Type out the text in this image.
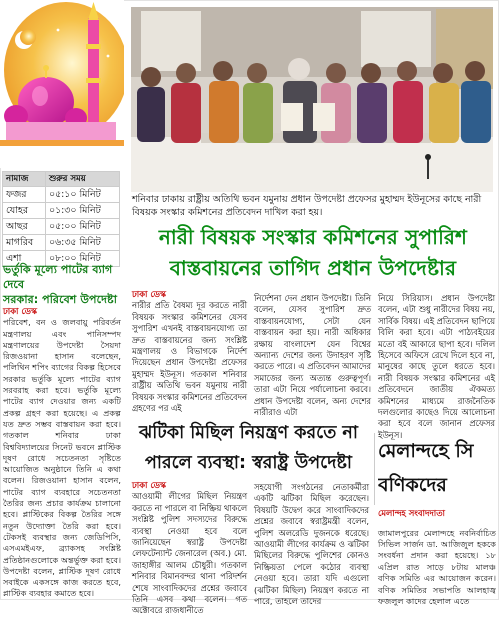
নামাজ	শুরুর সময়
ফজর	০৫:১০ মিনিট
যোহর	০১:৩০ মিনিট
আছর	০৫:০০ মিনিট
মাগরিব	০৬:৩৫ মিনিট
এশা	০৮:০০ মিনিট
ভর্তুকি মূল্যে পাটের ব্যাগ দেবে
সরকার: পরিবেশ উপদেষ্টা
ঢাকা ডেস্ক

পরিবেশ, বন ও জলবায়ু পরিবর্তন মন্ত্রণালয় এবং পানিসম্পদ মন্ত্রণালয়ের উপদেষ্টা সৈয়দা রিজওয়ানা হাসান বলেছেন, পলিথিন শপিং ব্যাগের বিকল্প হিসেবে সরকার ভর্তুকি মূল্যে পাটের ব্যাগ সরবরাহ করা হবে। ভর্তুকি মূল্যে পাটের ব্যাগ দেওয়ার জন্য একটি প্রকল্প গ্রহণ করা হয়েছে। এ প্রকল্প যত দ্রুত সম্ভব বাস্তবায়ন করা হবে। গতকাল শনিবার ঢাকা বিশ্ববিদ্যালয়ের সিনেট ভবনে প্লাস্টিক দূষণ রোধে সচেতনতা সৃষ্টিতে আয়োজিত অনুষ্ঠানে তিনি এ কথা বলেন। রিজওয়ানা হাসান বলেন, পাটের ব্যাগ ব্যবহারে সচেতনতা তৈরির জন্য প্রচার কার্যক্রম চালানো হবে। প্লাস্টিকের বিকল্প তৈরির সঙ্গে নতুন উদ্যোক্তা তৈরি করা হবে। টেকসই ব্যবস্থার জন্য জেডিপিসি, এসএমইএফ, ব্র্যাকসহ সংশ্লিষ্ট প্রতিষ্ঠানগুলোকে অন্তর্ভুক্ত করা হবে। উপদেষ্টা বলেন, প্লাস্টিক দূষণ রোধে সবাইকে একসঙ্গে কাজ করতে হবে, প্লাস্টিক ব্যবহার কমাতে হবে।

শনিবার ঢাকায় রাষ্ট্রীয় অতিথি ভবন যমুনায় প্রধান উপদেষ্টা প্রফেসর মুহাম্মদ ইউনূসের কাছে নারী বিষয়ক সংস্কার কমিশনের প্রতিবেদন দাখিল করা হয়।
নারী বিষয়ক সংস্কার কমিশনের সুপারিশ
বাস্তবায়নের তাগিদ প্রধান উপদেষ্টার
ঢাকা ডেস্ক

নারীর প্রতি বৈষম্য দূর করতে নারী বিষয়ক সংস্কার কমিশনের যেসব সুপারিশ এখনই বাস্তবায়নযোগ্য তা দ্রুত বাস্তবায়নের জন্য সংশ্লিষ্ট মন্ত্রণালয় ও বিভাগকে নির্দেশ দিয়েছেন প্রধান উপদেষ্টা প্রফেসর মুহাম্মদ ইউনূস। গতকাল শনিবার রাষ্ট্রীয় অতিথি ভবন যমুনায় নারী বিষয়ক সংস্কার কমিশনের প্রতিবেদন গ্রহণের পর এই

নির্দেশনা দেন প্রধান উপদেষ্টা। তিনি বলেন, যেসব সুপারিশ দ্রুত বাস্তবায়নযোগ্য, সেটা যেন বাস্তবায়ন করা হয়। নারী অধিকার রক্ষায় বাংলাদেশ যেন বিশ্বের অন্যান্য দেশের জন্য উদাহরণ সৃষ্টি করতে পারে। এ প্রতিবেদন আমাদের সমাজের জন্য অত্যন্ত গুরুত্বপূর্ণ। তারা এটা নিয়ে পর্যালোচনা করবে। প্রধান উপদেষ্টা বলেন, অন্য দেশের নারীরাও এটা

নিয়ে সিরিয়াস। প্রধান উপদেষ্টা বলেন, এটা শুধু নারীদের বিষয় নয়, সার্বিক বিষয়। এই প্রতিবেদন ছাপিয়ে বিলি করা হবে। এটা পাঠ্যবইয়ের মতো বই আকারে ছাপা হবে। দলিল হিসেবে অফিসে রেখে দিলে হবে না, মানুষের কাছে তুলে ধরতে হবে। নারী বিষয়ক সংস্কার কমিশনের এই প্রতিবেদনে জাতীয় ঐকমত্য কমিশনের মাধ্যমে রাজনৈতিক দলগুলোর কাছেও দিয়ে আলোচনা করা হবে বলে জানান প্রফেসর ইউনূস।

ঝটিকা মিছিল নিয়ন্ত্রণ করতে না
পারলে ব্যবস্থা: স্বরাষ্ট্র উপদেষ্টা
ঢাকা ডেস্ক

আওয়ামী লীগের মিছিল নিয়ন্ত্রণ করতে না পারলে বা নিষ্ক্রিয় থাকলে সংশ্লিষ্ট পুলিশ সদস্যদের বিরুদ্ধে ব্যবস্থা নেওয়া হবে বলে জানিয়েছেন স্বরাষ্ট্র উপদেষ্টা লেফটেন্যান্ট জেনারেল (অব.) মো. জাহাঙ্গীর আলম চৌধুরী। গতকাল শনিবার বিমানবন্দর থানা পরিদর্শন শেষে সাংবাদিকদের প্রশ্নের জবাবে তিনি এসব কথা বলেন। গত অক্টোবরে রাজধানীতে

সহযোগী সংগঠনের নেতাকর্মীরা একটি ঝটিকা মিছিল করেছেন। বিষয়টি উদ্বেগ করে সাংবাদিকদের প্রশ্নের জবাবে স্বরাষ্ট্রমন্ত্রী বলেন, পুলিশ অলরেডি দুজনকে ধরেছে। আওয়ামী লীগের কার্যক্রম ও ঝটিকা মিছিলের বিরুদ্ধে পুলিশের কোনও নিষ্ক্রিয়তা পেলে কঠোর ব্যবস্থা নেওয়া হবে। তারা যদি এগুলো (ঝটিকা মিছিল) নিয়ন্ত্রণ করতে না পারে, তাহলে তাদের

মেলান্দহে সি
বণিকদের
মেলান্দহ সংবাদদাতা

জামালপুরের মেলান্দহে নবনির্বাচিত সিভিল সার্জন ডা. আজিজুল হককে সংবর্ধনা প্রদান করা হয়েছে। ১৮ এপ্রিল রাত সাড়ে ৮টায় মালঞ্চ বণিক সমিতি এর আয়োজন করেন। বণিক সমিতির সভাপতি আলহাজ্ব ফজলুল কাদের হেলাল এতে
